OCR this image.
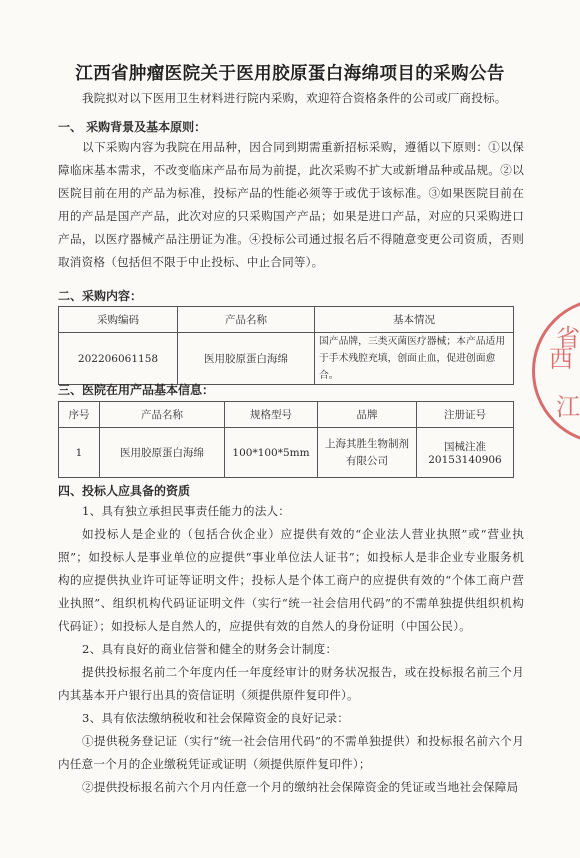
江西省肿瘤医院关于医用胶原蛋白海绵项目的采购公告
我院拟对以下医用卫生材料进行院内采购，欢迎符合资格条件的公司或厂商投标。
一、 采购背景及基本原则：
以下采购内容为我院在用品种，因合同到期需重新招标采购，遵循以下原则：①以保障临床基本需求，不改变临床产品布局为前提，此次采购不扩大或新增品种或品规。②以医院目前在用的产品为标准，投标产品的性能必须等于或优于该标准。③如果医院目前在用的产品是国产产品，此次对应的只采购国产产品；如果是进口产品，对应的只采购进口产品，以医疗器械产品注册证为准。④投标公司通过报名后不得随意变更公司资质，否则取消资格（包括但不限于中止投标、中止合同等）。
二、采购内容：
采购编码	产品名称	基本情况
202206061158	医用胶原蛋白海绵	国产品牌，三类灭菌医疗器械；本产品适用于手术残腔充填，创面止血，促进创面愈合。
三、医院在用产品基本信息：
序号	产品名称	规格型号	品牌	注册证号
1	医用胶原蛋白海绵	100*100*5mm	上海其胜生物制剂有限公司	国械注准 20153140906
四、投标人应具备的资质
1、具有独立承担民事责任能力的法人：
如投标人是企业的（包括合伙企业）应提供有效的“企业法人营业执照”或“营业执照”；如投标人是事业单位的应提供“事业单位法人证书”；如投标人是非企业专业服务机构的应提供执业许可证等证明文件；投标人是个体工商户的应提供有效的“个体工商户营业执照”、组织机构代码证证明文件（实行“统一社会信用代码”的不需单独提供组织机构代码证）；如投标人是自然人的，应提供有效的自然人的身份证明（中国公民）。
2、具有良好的商业信誉和健全的财务会计制度：
提供投标报名前二个年度内任一年度经审计的财务状况报告，或在投标报名前三个月内其基本开户银行出具的资信证明（须提供原件复印件）。
3、具有依法缴纳税收和社会保障资金的良好记录：
①提供税务登记证（实行“统一社会信用代码”的不需单独提供）和投标报名前六个月内任意一个月的企业缴税凭证或证明（须提供原件复印件）；
②提供投标报名前六个月内任意一个月的缴纳社会保障资金的凭证或当地社会保障局
省
西
江
